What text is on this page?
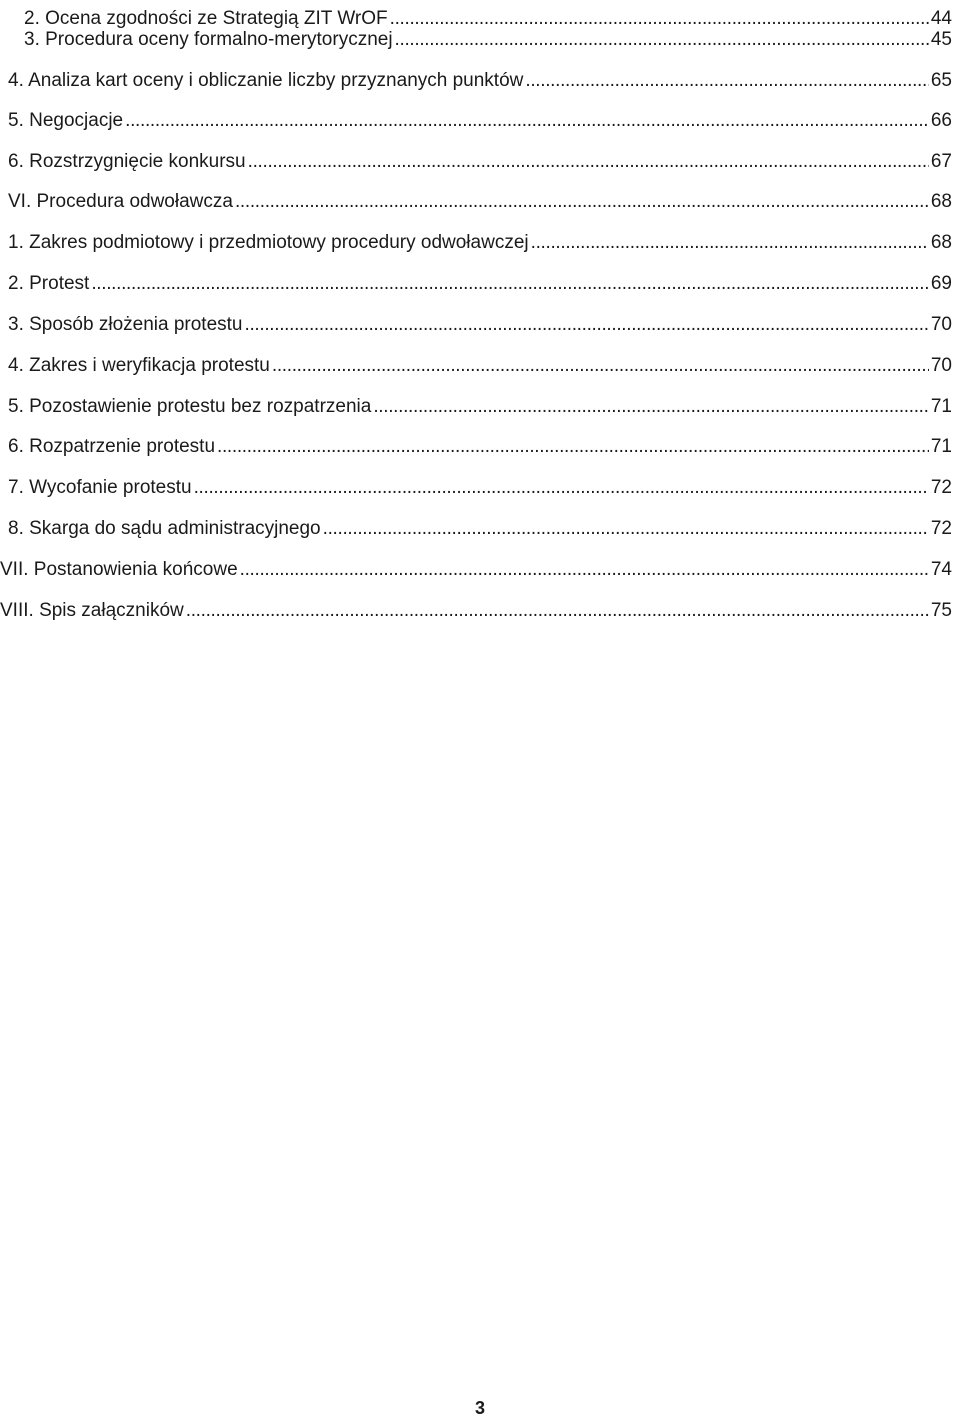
2. Ocena zgodności ze Strategią ZIT WrOF . . .	44
3. Procedura oceny formalno-merytorycznej . . .	45
4. Analiza kart oceny i obliczanie liczby przyznanych punktów . . .	65
5. Negocjacje . . .	66
6. Rozstrzygnięcie konkursu . . .	67
VI. Procedura odwoławcza . . .	68
1. Zakres podmiotowy i przedmiotowy procedury odwoławczej . . .	68
2. Protest . . .	69
3. Sposób złożenia protestu . . .	70
4. Zakres i weryfikacja protestu . . .	70
5. Pozostawienie protestu bez rozpatrzenia . . .	71
6. Rozpatrzenie protestu . . .	71
7. Wycofanie protestu . . .	72
8. Skarga do sądu administracyjnego . . .	72
VII. Postanowienia końcowe . . .	74
VIII. Spis załączników . . .	75
3
